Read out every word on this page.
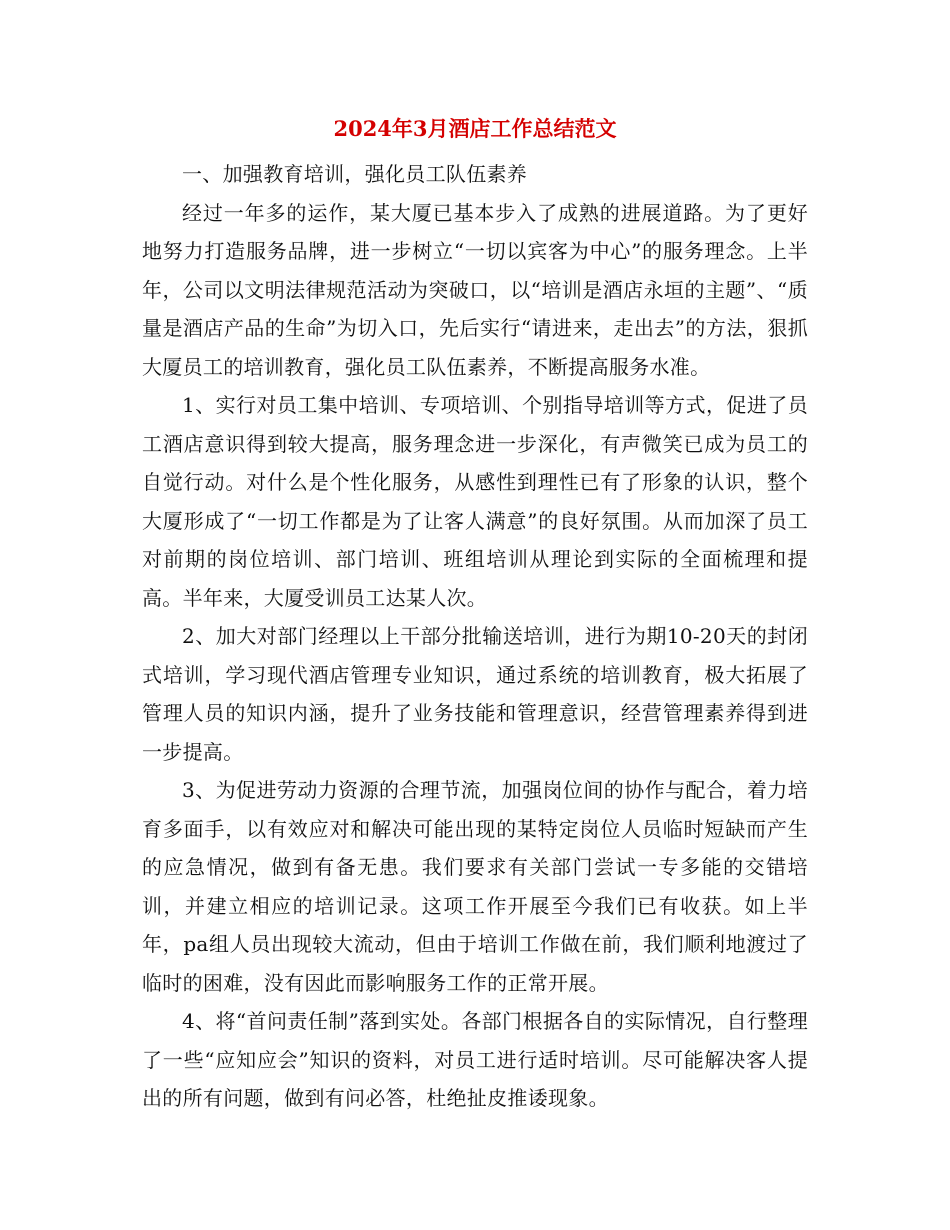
2024年3月酒店工作总结范文

一、加强教育培训，强化员工队伍素养

经过一年多的运作，某大厦已基本步入了成熟的进展道路。为了更好地努力打造服务品牌，进一步树立“一切以宾客为中心”的服务理念。上半年，公司以文明法律规范活动为突破口，以“培训是酒店永垣的主题”、“质量是酒店产品的生命”为切入口，先后实行“请进来，走出去”的方法，狠抓大厦员工的培训教育，强化员工队伍素养，不断提高服务水准。

1、实行对员工集中培训、专项培训、个别指导培训等方式，促进了员工酒店意识得到较大提高，服务理念进一步深化，有声微笑已成为员工的自觉行动。对什么是个性化服务，从感性到理性已有了形象的认识，整个大厦形成了“一切工作都是为了让客人满意”的良好氛围。从而加深了员工对前期的岗位培训、部门培训、班组培训从理论到实际的全面梳理和提高。半年来，大厦受训员工达某人次。

2、加大对部门经理以上干部分批输送培训，进行为期10-20天的封闭式培训，学习现代酒店管理专业知识，通过系统的培训教育，极大拓展了管理人员的知识内涵，提升了业务技能和管理意识，经营管理素养得到进一步提高。

3、为促进劳动力资源的合理节流，加强岗位间的协作与配合，着力培育多面手，以有效应对和解决可能出现的某特定岗位人员临时短缺而产生的应急情况，做到有备无患。我们要求有关部门尝试一专多能的交错培训，并建立相应的培训记录。这项工作开展至今我们已有收获。如上半年，pa组人员出现较大流动，但由于培训工作做在前，我们顺利地渡过了临时的困难，没有因此而影响服务工作的正常开展。

4、将“首问责任制”落到实处。各部门根据各自的实际情况，自行整理了一些“应知应会”知识的资料，对员工进行适时培训。尽可能解决客人提出的所有问题，做到有问必答，杜绝扯皮推诿现象。
